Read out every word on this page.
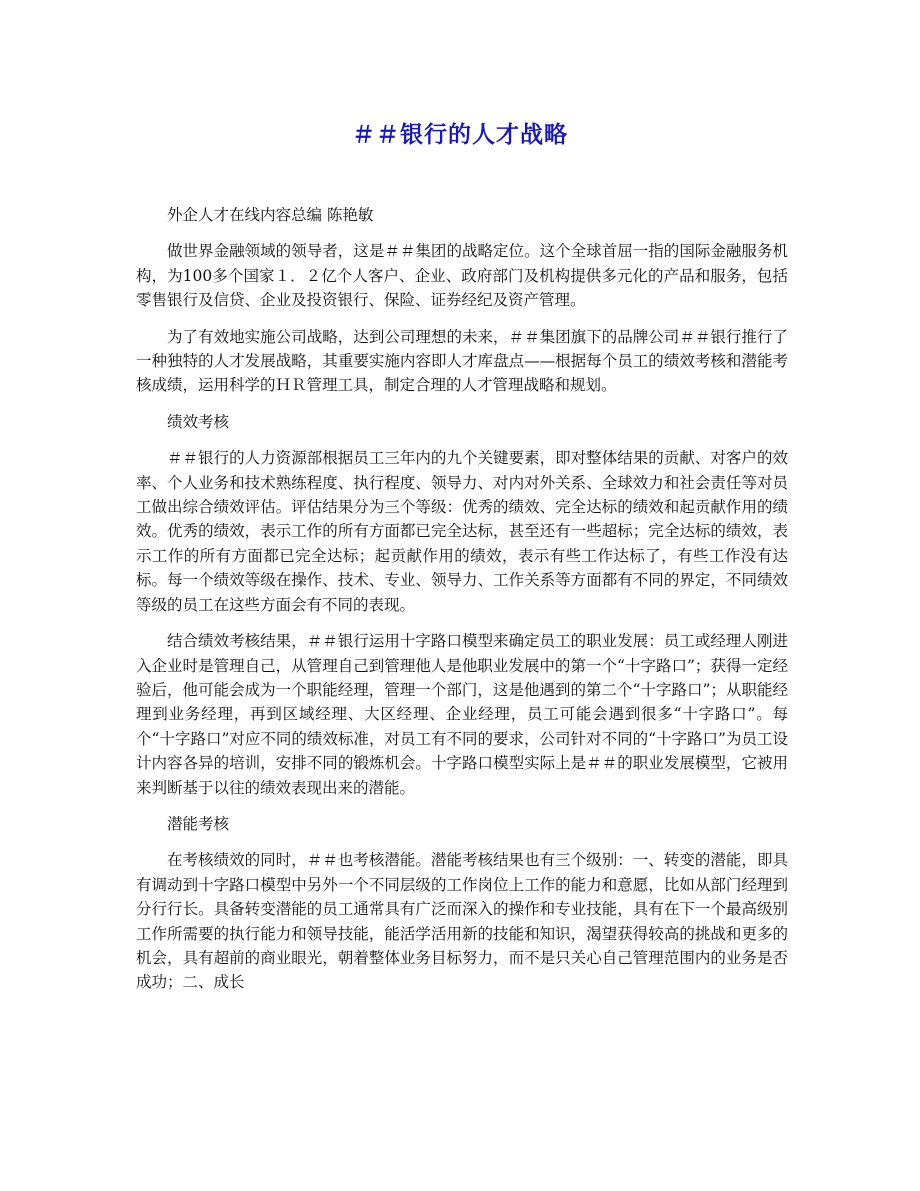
＃＃银行的人才战略

外企人才在线内容总编 陈艳敏

做世界金融领域的领导者，这是＃＃集团的战略定位。这个全球首屈一指的国际金融服务机构，为100多个国家１．２亿个人客户、企业、政府部门及机构提供多元化的产品和服务，包括零售银行及信贷、企业及投资银行、保险、证券经纪及资产管理。

为了有效地实施公司战略，达到公司理想的未来，＃＃集团旗下的品牌公司＃＃银行推行了一种独特的人才发展战略，其重要实施内容即人才库盘点——根据每个员工的绩效考核和潜能考核成绩，运用科学的ＨＲ管理工具，制定合理的人才管理战略和规划。

绩效考核

＃＃银行的人力资源部根据员工三年内的九个关键要素，即对整体结果的贡献、对客户的效率、个人业务和技术熟练程度、执行程度、领导力、对内对外关系、全球效力和社会责任等对员工做出综合绩效评估。评估结果分为三个等级：优秀的绩效、完全达标的绩效和起贡献作用的绩效。优秀的绩效，表示工作的所有方面都已完全达标，甚至还有一些超标；完全达标的绩效，表示工作的所有方面都已完全达标；起贡献作用的绩效，表示有些工作达标了，有些工作没有达标。每一个绩效等级在操作、技术、专业、领导力、工作关系等方面都有不同的界定，不同绩效等级的员工在这些方面会有不同的表现。

结合绩效考核结果，＃＃银行运用十字路口模型来确定员工的职业发展：员工或经理人刚进入企业时是管理自己，从管理自己到管理他人是他职业发展中的第一个“十字路口”；获得一定经验后，他可能会成为一个职能经理，管理一个部门，这是他遇到的第二个“十字路口”；从职能经理到业务经理，再到区域经理、大区经理、企业经理，员工可能会遇到很多“十字路口”。每个“十字路口”对应不同的绩效标准，对员工有不同的要求，公司针对不同的“十字路口”为员工设计内容各异的培训，安排不同的锻炼机会。十字路口模型实际上是＃＃的职业发展模型，它被用来判断基于以往的绩效表现出来的潜能。

潜能考核

在考核绩效的同时，＃＃也考核潜能。潜能考核结果也有三个级别：一、转变的潜能，即具有调动到十字路口模型中另外一个不同层级的工作岗位上工作的能力和意愿，比如从部门经理到分行行长。具备转变潜能的员工通常具有广泛而深入的操作和专业技能，具有在下一个最高级别工作所需要的执行能力和领导技能，能活学活用新的技能和知识，渴望获得较高的挑战和更多的机会，具有超前的商业眼光，朝着整体业务目标努力，而不是只关心自己管理范围内的业务是否成功；二、成长
